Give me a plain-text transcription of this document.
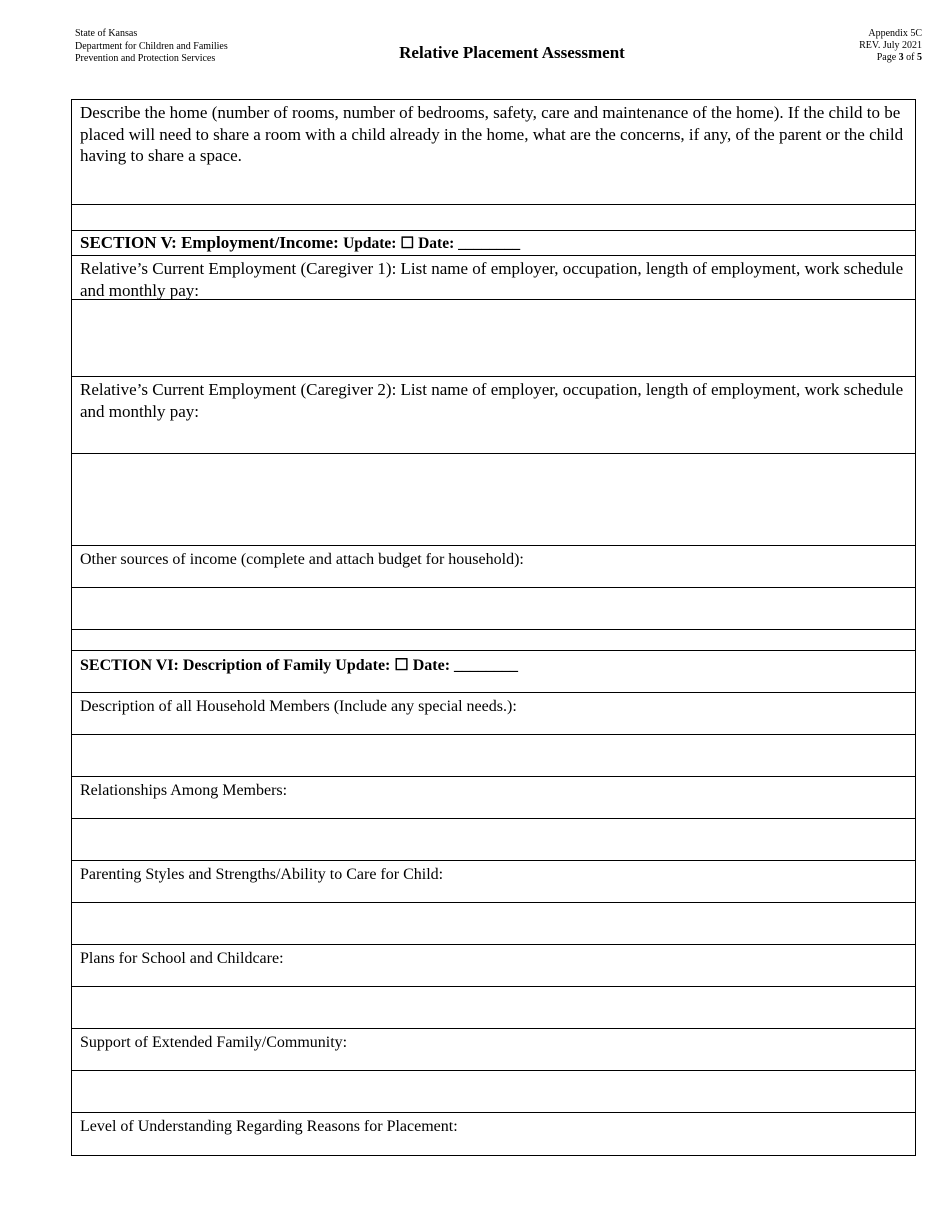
State of Kansas
Department for Children and Families
Prevention and Protection Services	Relative Placement Assessment
Appendix 5C
REV. July 2021
Page 3 of 5
Describe the home (number of rooms, number of bedrooms, safety, care and maintenance of the home). If the child to be placed will need to share a room with a child already in the home, what are the concerns, if any, of the parent or the child having to share a space.
SECTION V: Employment/Income: Update: ☐ Date: ________
Relative’s Current Employment (Caregiver 1): List name of employer, occupation, length of employment, work schedule and monthly pay:
Relative’s Current Employment (Caregiver 2): List name of employer, occupation, length of employment, work schedule and monthly pay:
Other sources of income (complete and attach budget for household):
SECTION VI: Description of Family Update: ☐ Date: ________
Description of all Household Members (Include any special needs.):
Relationships Among Members:
Parenting Styles and Strengths/Ability to Care for Child:
Plans for School and Childcare:
Support of Extended Family/Community:
Level of Understanding Regarding Reasons for Placement:
